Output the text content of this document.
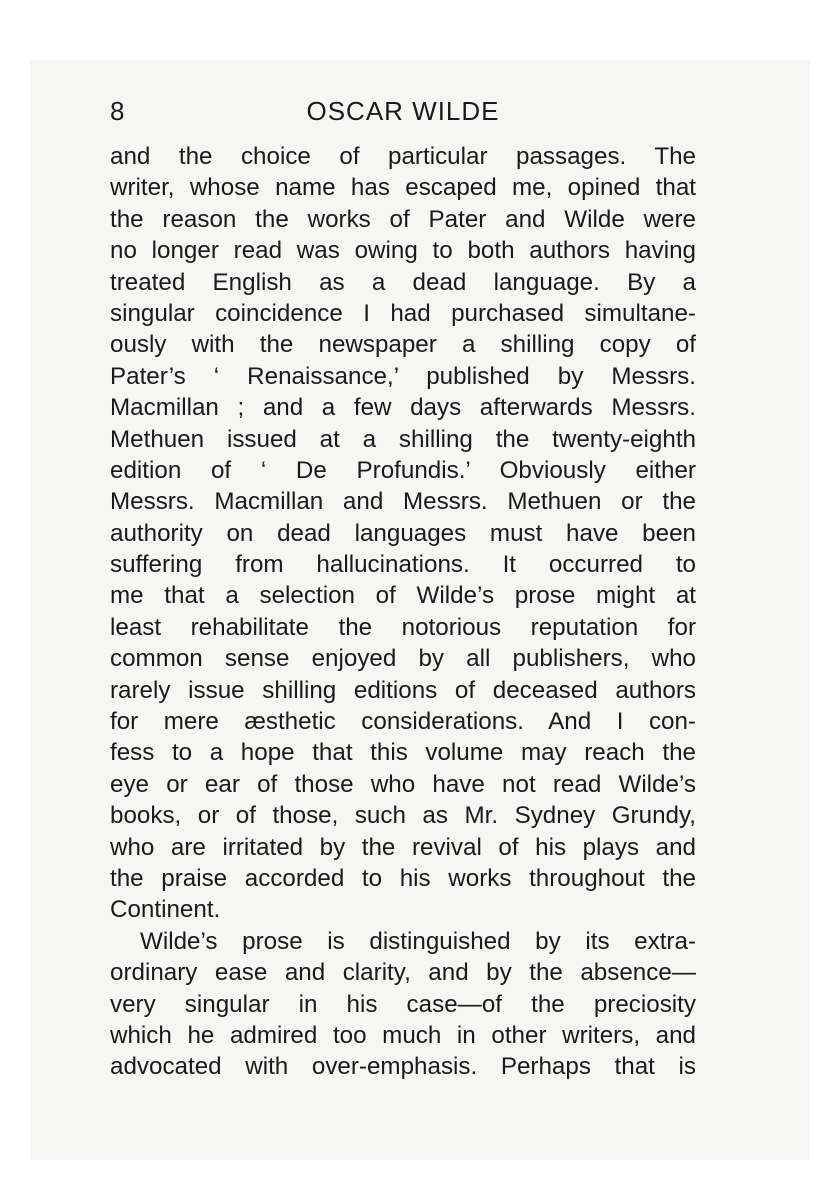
8	OSCAR WILDE
and the choice of particular passages. The
writer, whose name has escaped me, opined that
the reason the works of Pater and Wilde were
no longer read was owing to both authors having
treated English as a dead language. By a
singular coincidence I had purchased simultane-
ously with the newspaper a shilling copy of
Pater’s ‘ Renaissance,’ published by Messrs.
Macmillan ; and a few days afterwards Messrs.
Methuen issued at a shilling the twenty-eighth
edition of ‘ De Profundis.’ Obviously either
Messrs. Macmillan and Messrs. Methuen or the
authority on dead languages must have been
suffering from hallucinations. It occurred to
me that a selection of Wilde’s prose might at
least rehabilitate the notorious reputation for
common sense enjoyed by all publishers, who
rarely issue shilling editions of deceased authors
for mere æsthetic considerations. And I con-
fess to a hope that this volume may reach the
eye or ear of those who have not read Wilde’s
books, or of those, such as Mr. Sydney Grundy,
who are irritated by the revival of his plays and
the praise accorded to his works throughout the
Continent.
Wilde’s prose is distinguished by its extra-
ordinary ease and clarity, and by the absence—
very singular in his case—of the preciosity
which he admired too much in other writers, and
advocated with over-emphasis. Perhaps that is
